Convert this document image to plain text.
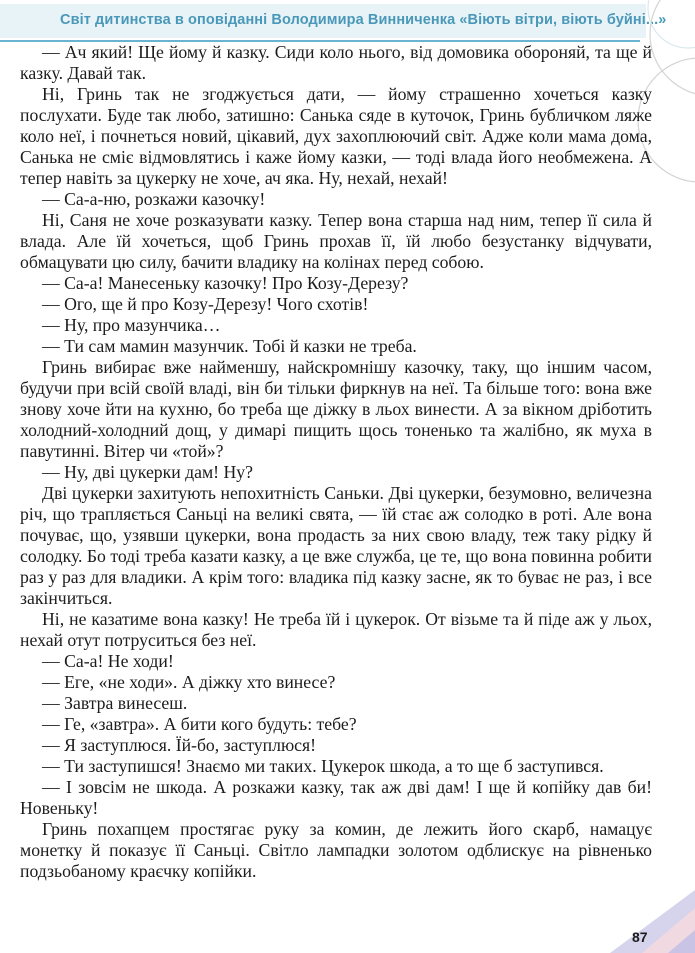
Світ дитинства в оповіданні Володимира Винниченка «Віють вітри, віють буйні...»

— Ач який! Ще йому й казку. Сиди коло нього, від домовика обороняй, та ще й казку. Давай так.

Ні, Гринь так не згоджується дати, — йому страшенно хочеться казку послухати. Буде так любо, затишно: Санька сяде в куточок, Гринь бубличком ляже коло неї, і почнеться новий, цікавий, дух захоплюючий світ. Адже коли мама дома, Санька не сміє відмовлятись і каже йому казки, — тоді влада його необмежена. А тепер навіть за цукерку не хоче, ач яка. Ну, нехай, нехай!

— Са-а-ню, розкажи казочку!

Ні, Саня не хоче розказувати казку. Тепер вона старша над ним, тепер її сила й влада. Але їй хочеться, щоб Гринь прохав її, їй любо безустанку відчувати, обмацувати цю силу, бачити владику на колінах перед собою.

— Са-а! Манесеньку казочку! Про Козу-Дерезу?

— Ого, ще й про Козу-Дерезу! Чого схотів!

— Ну, про мазунчика…

— Ти сам мамин мазунчик. Тобі й казки не треба.

Гринь вибирає вже найменшу, найскромнішу казочку, таку, що іншим часом, будучи при всій своїй владі, він би тільки фиркнув на неї. Та більше того: вона вже знову хоче йти на кухню, бо треба ще діжку в льох винести. А за вікном дріботить холодний-холодний дощ, у димарі пищить щось тоненько та жалібно, як муха в павутинні. Вітер чи «той»?

— Ну, дві цукерки дам! Ну?

Дві цукерки захитують непохитність Саньки. Дві цукерки, безумовно, величезна річ, що трапляється Саньці на великі свята, — їй стає аж солодко в роті. Але вона почуває, що, узявши цукерки, вона продасть за них свою владу, теж таку рідку й солодку. Бо тоді треба казати казку, а це вже служба, це те, що вона повинна робити раз у раз для владики. А крім того: владика під казку засне, як то буває не раз, і все закінчиться.

Ні, не казатиме вона казку! Не треба їй і цукерок. От візьме та й піде аж у льох, нехай отут потруситься без неї.

— Са-а! Не ходи!

— Еге, «не ходи». А діжку хто винесе?

— Завтра винесеш.

— Ге, «завтра». А бити кого будуть: тебе?

— Я заступлюся. Їй-бо, заступлюся!

— Ти заступишся! Знаємо ми таких. Цукерок шкода, а то ще б заступився.

— І зовсім не шкода. А розкажи казку, так аж дві дам! І ще й копійку дав би! Новеньку!

Гринь похапцем простягає руку за комин, де лежить його скарб, намацує монетку й показує її Саньці. Світло лампадки золотом одблискує на рівненько подзьобаному краєчку копійки.

87
